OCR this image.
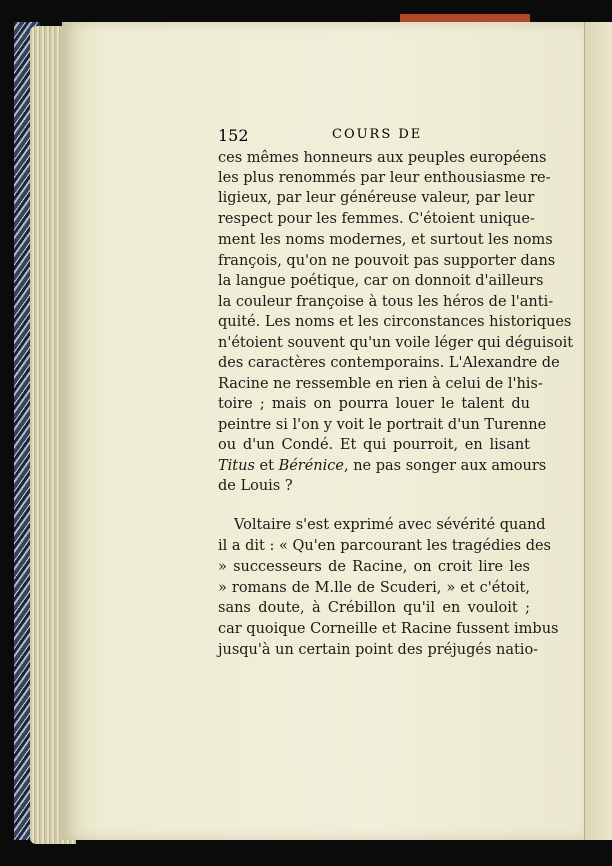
152	COURS DE
ces mêmes honneurs aux peuples européens
les plus renommés par leur enthousiasme re-
ligieux, par leur généreuse valeur, par leur
respect pour les femmes. C'étoient unique-
ment les noms modernes, et surtout les noms
françois, qu'on ne pouvoit pas supporter dans
la langue poétique, car on donnoit d'ailleurs
la couleur françoise à tous les héros de l'anti-
quité. Les noms et les circonstances historiques
n'étoient souvent qu'un voile léger qui déguisoit
des caractères contemporains. L'Alexandre de
Racine ne ressemble en rien à celui de l'his-
toire ; mais on pourra louer le talent du
peintre si l'on y voit le portrait d'un Turenne
ou d'un Condé. Et qui pourroit, en lisant
Titus et Bérénice, ne pas songer aux amours
de Louis ?
Voltaire s'est exprimé avec sévérité quand
il a dit : « Qu'en parcourant les tragédies des
» successeurs de Racine, on croit lire les
» romans de M.lle de Scuderi, » et c'étoit,
sans doute, à Crébillon qu'il en vouloit ;
car quoique Corneille et Racine fussent imbus
jusqu'à un certain point des préjugés natio-
